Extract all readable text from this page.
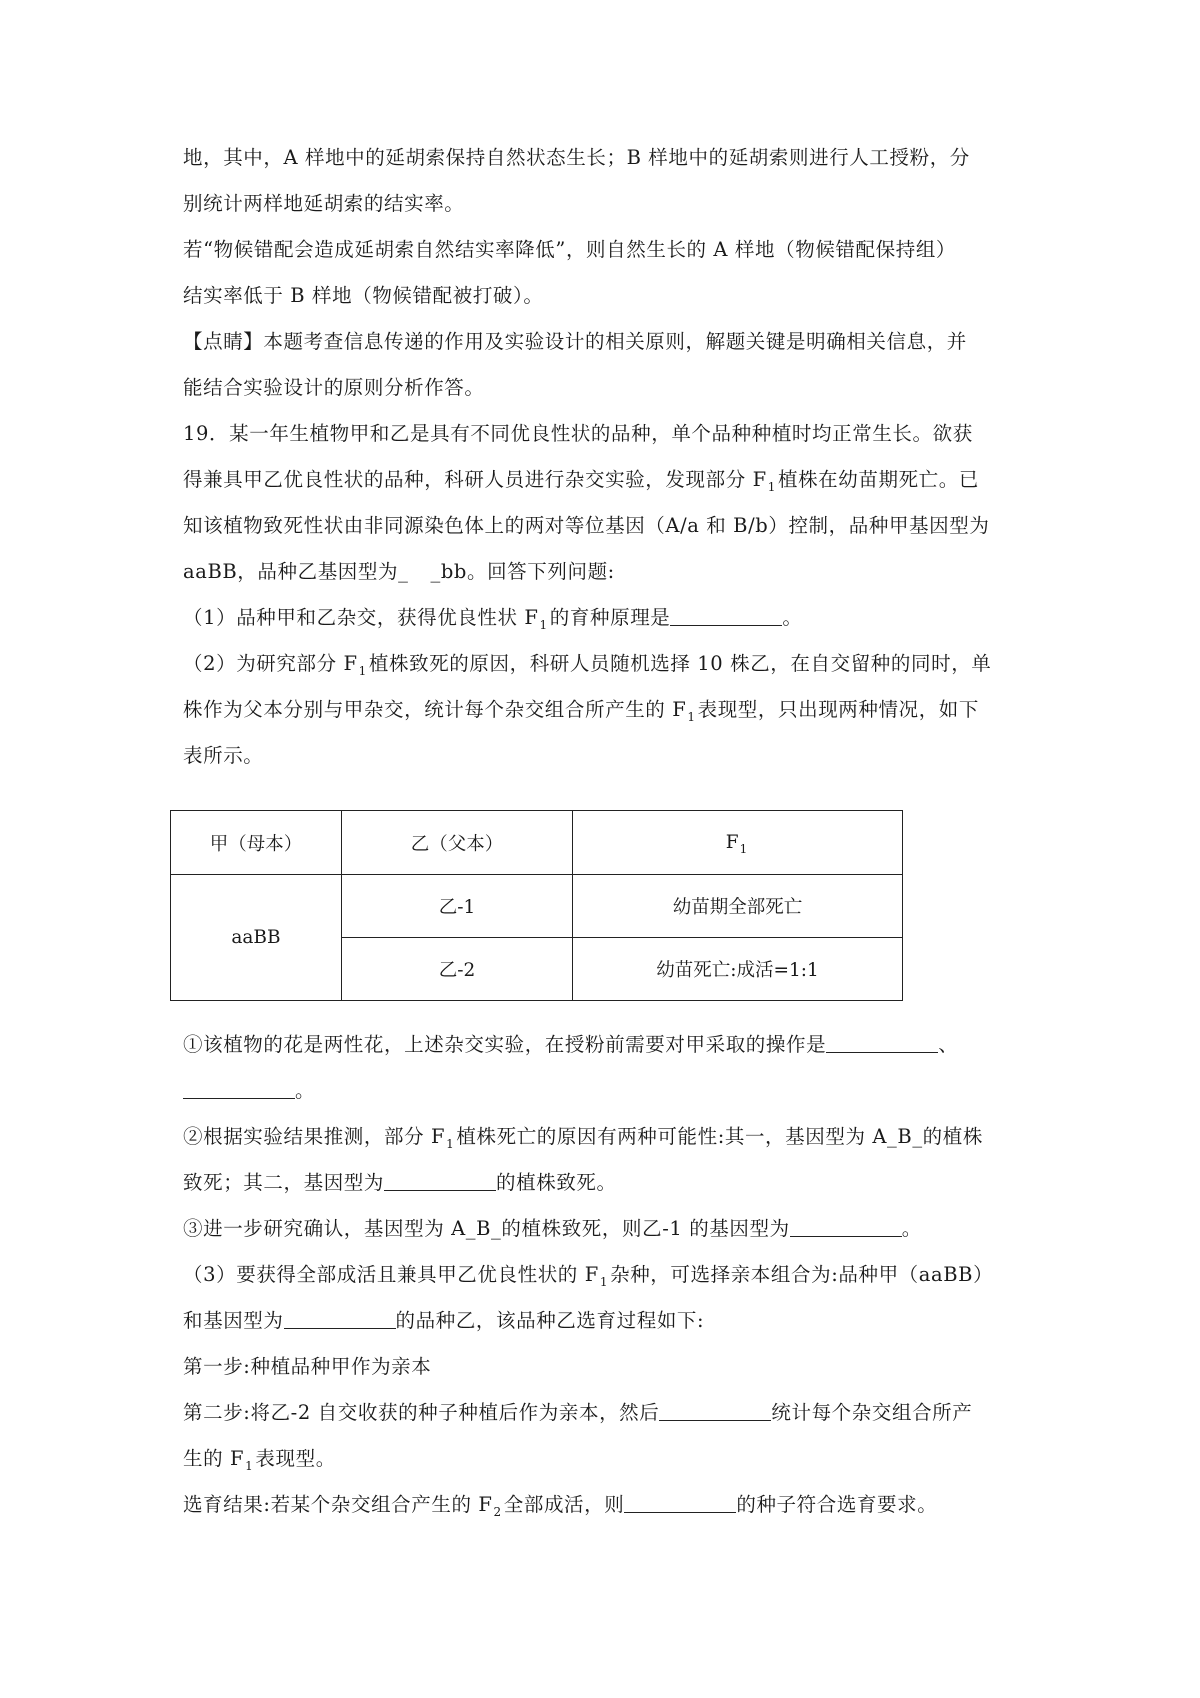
地，其中，A 样地中的延胡索保持自然状态生长；B 样地中的延胡索则进行人工授粉，分
别统计两样地延胡索的结实率。
若“物候错配会造成延胡索自然结实率降低”，则自然生长的 A 样地（物候错配保持组）
结实率低于 B 样地（物候错配被打破）。
【点睛】本题考查信息传递的作用及实验设计的相关原则，解题关键是明确相关信息，并
能结合实验设计的原则分析作答。
19．某一年生植物甲和乙是具有不同优良性状的品种，单个品种种植时均正常生长。欲获
得兼具甲乙优良性状的品种，科研人员进行杂交实验，发现部分 $F_1$ 植株在幼苗期死亡。已
知该植物致死性状由非同源染色体上的两对等位基因（A/a 和 B/b）控制，品种甲基因型为
aaBB，品种乙基因型为_ _bb。回答下列问题:
（1）品种甲和乙杂交，获得优良性状 $F_1$ 的育种原理是	。
（2）为研究部分 $F_1$ 植株致死的原因，科研人员随机选择 10 株乙，在自交留种的同时，单
株作为父本分别与甲杂交，统计每个杂交组合所产生的 $F_1$ 表现型，只出现两种情况，如下
表所示。
甲（母本）	乙（父本）	$F_1$
aaBB	乙-1	幼苗期全部死亡
	乙-2	幼苗死亡:成活=1:1
①该植物的花是两性花，上述杂交实验，在授粉前需要对甲采取的操作是	、
。
②根据实验结果推测，部分 $F_1$ 植株死亡的原因有两种可能性:其一，基因型为 A_B_的植株
致死；其二，基因型为	的植株致死。
③进一步研究确认，基因型为 A_B_的植株致死，则乙-1 的基因型为	。
（3）要获得全部成活且兼具甲乙优良性状的 $F_1$ 杂种，可选择亲本组合为:品种甲（aaBB）
和基因型为	的品种乙，该品种乙选育过程如下:
第一步:种植品种甲作为亲本
第二步:将乙-2 自交收获的种子种植后作为亲本，然后	统计每个杂交组合所产
生的 $F_1$ 表现型。
选育结果:若某个杂交组合产生的 $F_2$ 全部成活，则	的种子符合选育要求。
